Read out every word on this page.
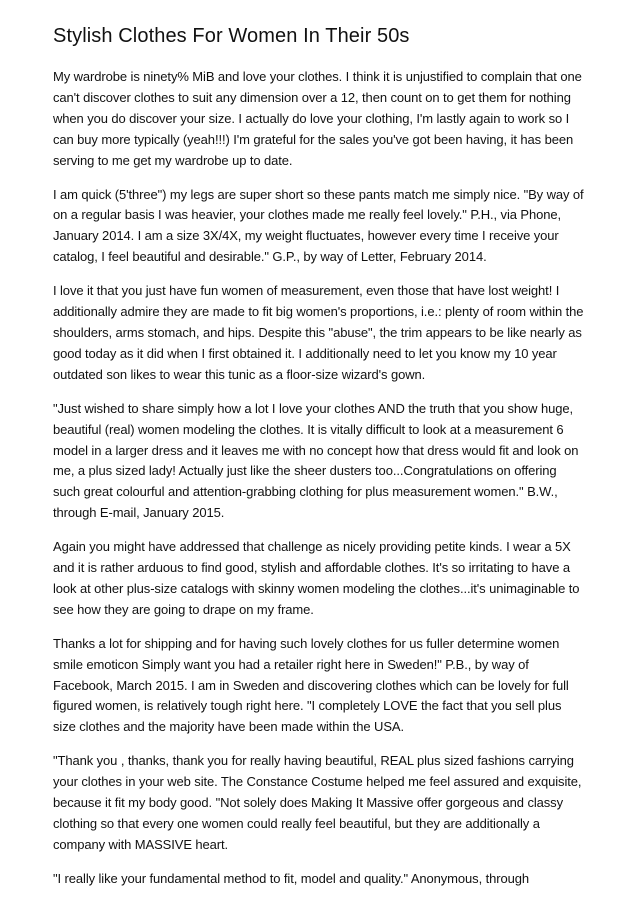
Stylish Clothes For Women In Their 50s

My wardrobe is ninety% MiB and love your clothes. I think it is unjustified to complain that one can't discover clothes to suit any dimension over a 12, then count on to get them for nothing when you do discover your size. I actually do love your clothing, I'm lastly again to work so I can buy more typically (yeah!!!) I'm grateful for the sales you've got been having, it has been serving to me get my wardrobe up to date.

I am quick (5'three") my legs are super short so these pants match me simply nice. "By way of on a regular basis I was heavier, your clothes made me really feel lovely." P.H., via Phone, January 2014. I am a size 3X/4X, my weight fluctuates, however every time I receive your catalog, I feel beautiful and desirable." G.P., by way of Letter, February 2014.

I love it that you just have fun women of measurement, even those that have lost weight! I additionally admire they are made to fit big women's proportions, i.e.: plenty of room within the shoulders, arms stomach, and hips. Despite this "abuse", the trim appears to be like nearly as good today as it did when I first obtained it. I additionally need to let you know my 10 year outdated son likes to wear this tunic as a floor-size wizard's gown.

"Just wished to share simply how a lot I love your clothes AND the truth that you show huge, beautiful (real) women modeling the clothes. It is vitally difficult to look at a measurement 6 model in a larger dress and it leaves me with no concept how that dress would fit and look on me, a plus sized lady! Actually just like the sheer dusters too...Congratulations on offering such great colourful and attention-grabbing clothing for plus measurement women." B.W., through E-mail, January 2015.

Again you might have addressed that challenge as nicely providing petite kinds. I wear a 5X and it is rather arduous to find good, stylish and affordable clothes. It's so irritating to have a look at other plus-size catalogs with skinny women modeling the clothes...it's unimaginable to see how they are going to drape on my frame.

Thanks a lot for shipping and for having such lovely clothes for us fuller determine women smile emoticon Simply want you had a retailer right here in Sweden!" P.B., by way of Facebook, March 2015. I am in Sweden and discovering clothes which can be lovely for full figured women, is relatively tough right here. "I completely LOVE the fact that you sell plus size clothes and the majority have been made within the USA.

"Thank you , thanks, thank you for really having beautiful, REAL plus sized fashions carrying your clothes in your web site. The Constance Costume helped me feel assured and exquisite, because it fit my body good. "Not solely does Making It Massive offer gorgeous and classy clothing so that every one women could really feel beautiful, but they are additionally a company with MASSIVE heart.

"I really like your fundamental method to fit, model and quality." Anonymous, through
